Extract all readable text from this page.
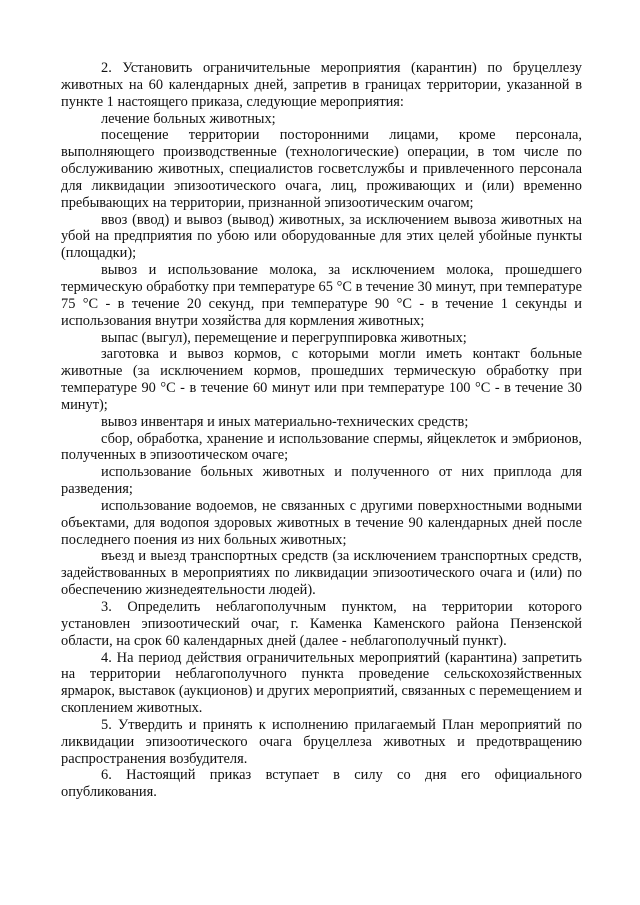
2. Установить ограничительные мероприятия (карантин) по бруцеллезу животных на 60 календарных дней, запретив в границах территории, указанной в пункте 1 настоящего приказа, следующие мероприятия:

лечение больных животных;

посещение территории посторонними лицами, кроме персонала, выполняющего производственные (технологические) операции, в том числе по обслуживанию животных, специалистов госветслужбы и привлеченного персонала для ликвидации эпизоотического очага, лиц, проживающих и (или) временно пребывающих на территории, признанной эпизоотическим очагом;

ввоз (ввод) и вывоз (вывод) животных, за исключением вывоза животных на убой на предприятия по убою или оборудованные для этих целей убойные пункты (площадки);

вывоз и использование молока, за исключением молока, прошедшего термическую обработку при температуре 65 °С в течение 30 минут, при температуре 75 °С - в течение 20 секунд, при температуре 90 °С - в течение 1 секунды и использования внутри хозяйства для кормления животных;

выпас (выгул), перемещение и перегруппировка животных;

заготовка и вывоз кормов, с которыми могли иметь контакт больные животные (за исключением кормов, прошедших термическую обработку при температуре 90 °С - в течение 60 минут или при температуре 100 °С - в течение 30 минут);

вывоз инвентаря и иных материально-технических средств;

сбор, обработка, хранение и использование спермы, яйцеклеток и эмбрионов, полученных в эпизоотическом очаге;

использование больных животных и полученного от них приплода для разведения;

использование водоемов, не связанных с другими поверхностными водными объектами, для водопоя здоровых животных в течение 90 календарных дней после последнего поения из них больных животных;

въезд и выезд транспортных средств (за исключением транспортных средств, задействованных в мероприятиях по ликвидации эпизоотического очага и (или) по обеспечению жизнедеятельности людей).

3. Определить неблагополучным пунктом, на территории которого установлен эпизоотический очаг, г. Каменка Каменского района Пензенской области, на срок 60 календарных дней (далее - неблагополучный пункт).

4. На период действия ограничительных мероприятий (карантина) запретить на территории неблагополучного пункта проведение сельскохозяйственных ярмарок, выставок (аукционов) и других мероприятий, связанных с перемещением и скоплением животных.

5. Утвердить и принять к исполнению прилагаемый План мероприятий по ликвидации эпизоотического очага бруцеллеза животных и предотвращению распространения возбудителя.

6. Настоящий приказ вступает в силу со дня его официального опубликования.
